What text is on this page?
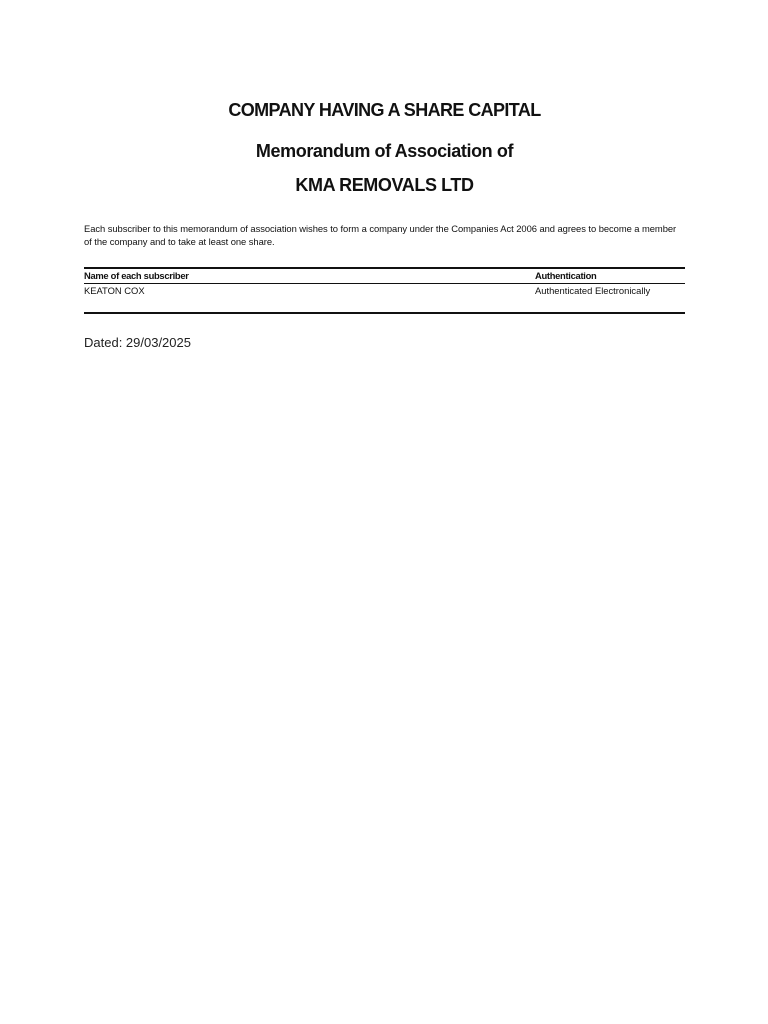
COMPANY HAVING A SHARE CAPITAL
Memorandum of Association of
KMA REMOVALS LTD
Each subscriber to this memorandum of association wishes to form a company under the Companies Act 2006 and agrees to become a member of the company and to take at least one share.
Name of each subscriber	Authentication
KEATON COX	Authenticated Electronically
Dated: 29/03/2025
